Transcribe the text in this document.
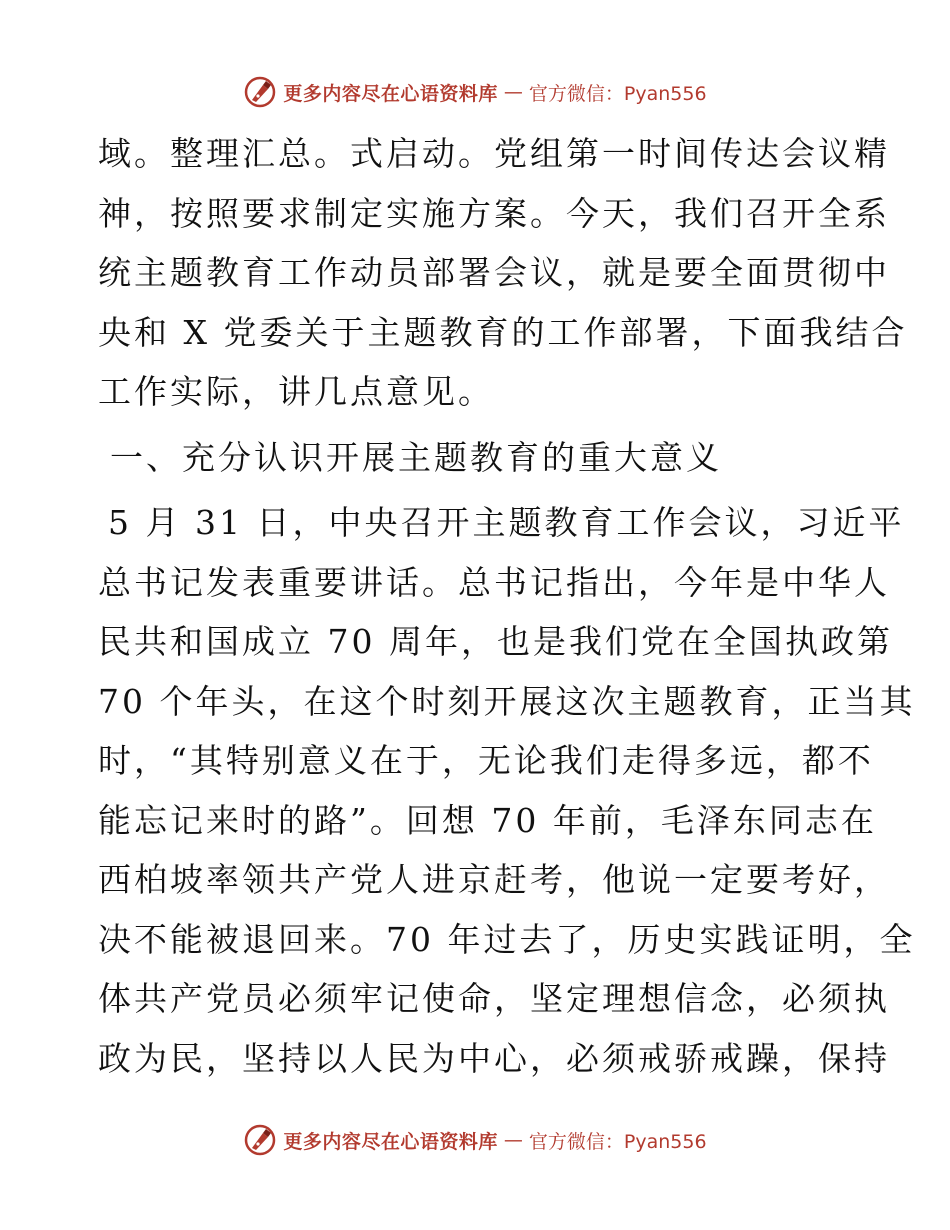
更多内容尽在心语资料库 — 官方微信：Pyan556
域。整理汇总。式启动。党组第一时间传达会议精
神，按照要求制定实施方案。今天，我们召开全系
统主题教育工作动员部署会议，就是要全面贯彻中
央和 X 党委关于主题教育的工作部署，下面我结合
工作实际，讲几点意见。
一、充分认识开展主题教育的重大意义
5 月 31 日，中央召开主题教育工作会议，习近平
总书记发表重要讲话。总书记指出，今年是中华人
民共和国成立 70 周年，也是我们党在全国执政第
70 个年头，在这个时刻开展这次主题教育，正当其
时，“其特别意义在于，无论我们走得多远，都不
能忘记来时的路”。回想 70 年前，毛泽东同志在
西柏坡率领共产党人进京赶考，他说一定要考好，
决不能被退回来。70 年过去了，历史实践证明，全
体共产党员必须牢记使命，坚定理想信念，必须执
政为民，坚持以人民为中心，必须戒骄戒躁，保持
更多内容尽在心语资料库 — 官方微信：Pyan556
